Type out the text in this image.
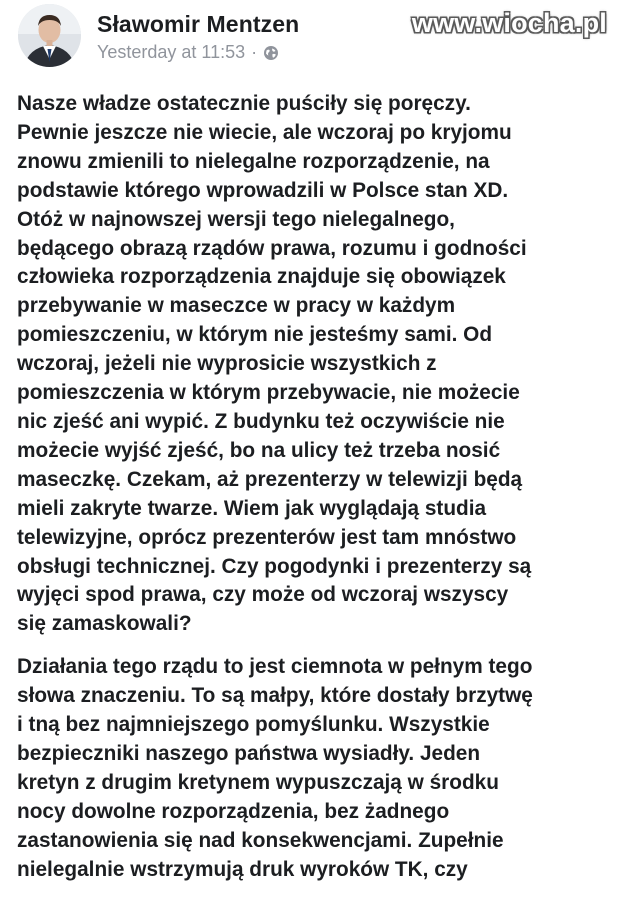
Sławomir Mentzen
Yesterday at 11:53 ·
www.wiocha.pl

Nasze władze ostatecznie puściły się poręczy.

Pewnie jeszcze nie wiecie, ale wczoraj po kryjomu

znowu zmienili to nielegalne rozporządzenie, na

podstawie którego wprowadzili w Polsce stan XD.

Otóż w najnowszej wersji tego nielegalnego,

będącego obrazą rządów prawa, rozumu i godności

człowieka rozporządzenia znajduje się obowiązek

przebywanie w maseczce w pracy w każdym

pomieszczeniu, w którym nie jesteśmy sami. Od

wczoraj, jeżeli nie wyprosicie wszystkich z

pomieszczenia w którym przebywacie, nie możecie

nic zjeść ani wypić. Z budynku też oczywiście nie

możecie wyjść zjeść, bo na ulicy też trzeba nosić

maseczkę. Czekam, aż prezenterzy w telewizji będą

mieli zakryte twarze. Wiem jak wyglądają studia

telewizyjne, oprócz prezenterów jest tam mnóstwo

obsługi technicznej. Czy pogodynki i prezenterzy są

wyjęci spod prawa, czy może od wczoraj wszyscy

się zamaskowali?

Działania tego rządu to jest ciemnota w pełnym tego

słowa znaczeniu. To są małpy, które dostały brzytwę

i tną bez najmniejszego pomyślunku. Wszystkie

bezpieczniki naszego państwa wysiadły. Jeden

kretyn z drugim kretynem wypuszczają w środku

nocy dowolne rozporządzenia, bez żadnego

zastanowienia się nad konsekwencjami. Zupełnie

nielegalnie wstrzymują druk wyroków TK, czy
